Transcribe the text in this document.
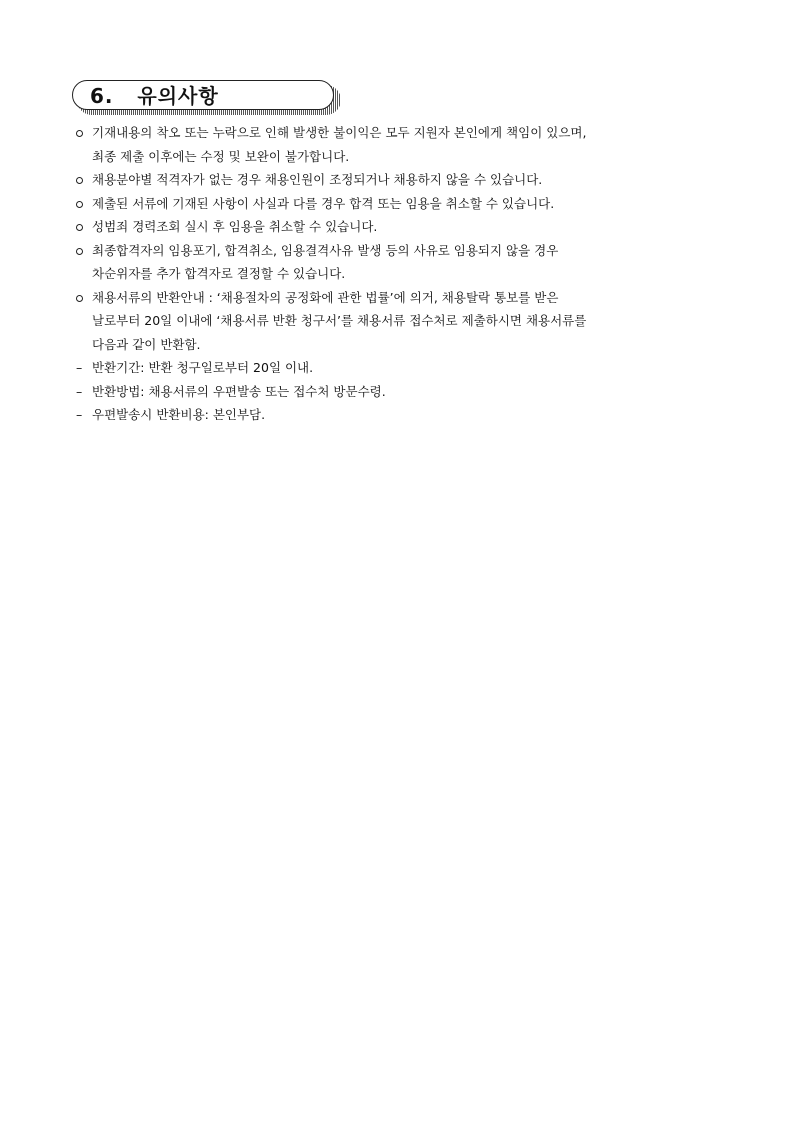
6.   유의사항
기재내용의 착오 또는 누락으로 인해 발생한 불이익은 모두 지원자 본인에게 책임이 있으며,
최종 제출 이후에는 수정 및 보완이 불가합니다.
채용분야별 적격자가 없는 경우 채용인원이 조정되거나 채용하지 않을 수 있습니다.
제출된 서류에 기재된 사항이 사실과 다를 경우 합격 또는 임용을 취소할 수 있습니다.
성범죄 경력조회 실시 후 임용을 취소할 수 있습니다.
최종합격자의 임용포기, 합격취소, 임용결격사유 발생 등의 사유로 임용되지 않을 경우
차순위자를 추가 합격자로 결정할 수 있습니다.
채용서류의 반환안내 : ‘채용절차의 공정화에 관한 법률’에 의거, 채용탈락 통보를 받은
날로부터 20일 이내에 ‘채용서류 반환 청구서’를 채용서류 접수처로 제출하시면 채용서류를
다음과 같이 반환함.
– 반환기간: 반환 청구일로부터 20일 이내.
– 반환방법: 채용서류의 우편발송 또는 접수처 방문수령.
– 우편발송시 반환비용: 본인부담.
